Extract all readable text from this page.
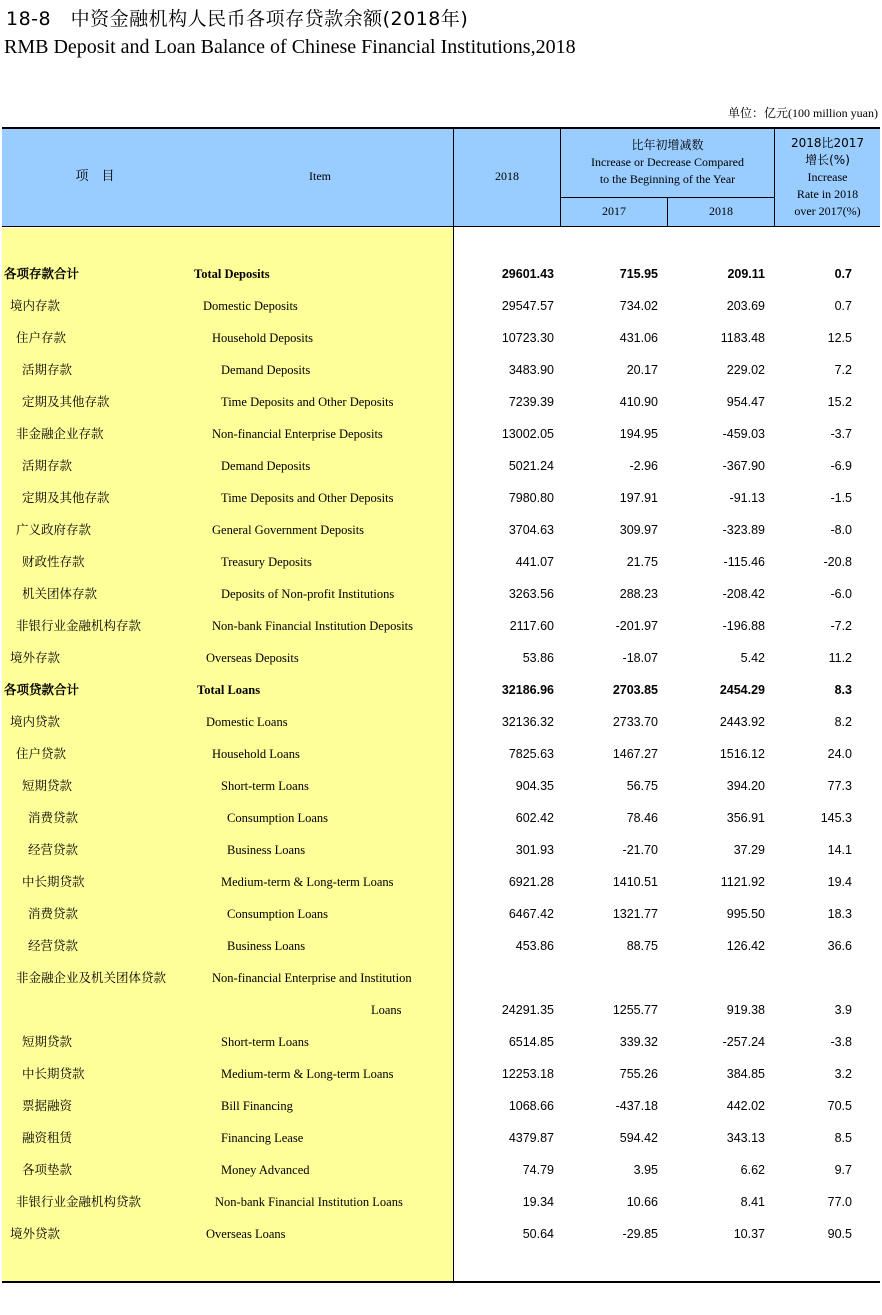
18-8　中资金融机构人民币各项存贷款余额(2018年)
RMB Deposit and Loan Balance of Chinese Financial Institutions,2018
单位：亿元(100 million yuan)
项　目	Item	2018
比年初增减数
Increase or Decrease Compared
to the Beginning of the Year
2017	2018
2018比2017
增长(%)
Increase
Rate in 2018
over 2017(%)
各项存款合计	Total Deposits	29601.43	715.95	209.11	0.7
境内存款	Domestic Deposits	29547.57	734.02	203.69	0.7
住户存款	Household Deposits	10723.30	431.06	1183.48	12.5
活期存款	Demand Deposits	3483.90	20.17	229.02	7.2
定期及其他存款	Time Deposits and Other Deposits	7239.39	410.90	954.47	15.2
非金融企业存款	Non-financial Enterprise Deposits	13002.05	194.95	-459.03	-3.7
活期存款	Demand Deposits	5021.24	-2.96	-367.90	-6.9
定期及其他存款	Time Deposits and Other Deposits	7980.80	197.91	-91.13	-1.5
广义政府存款	General Government Deposits	3704.63	309.97	-323.89	-8.0
财政性存款	Treasury Deposits	441.07	21.75	-115.46	-20.8
机关团体存款	Deposits of Non-profit Institutions	3263.56	288.23	-208.42	-6.0
非银行业金融机构存款	Non-bank Financial Institution Deposits	2117.60	-201.97	-196.88	-7.2
境外存款	Overseas Deposits	53.86	-18.07	5.42	11.2
各项贷款合计	Total Loans	32186.96	2703.85	2454.29	8.3
境内贷款	Domestic Loans	32136.32	2733.70	2443.92	8.2
住户贷款	Household Loans	7825.63	1467.27	1516.12	24.0
短期贷款	Short-term Loans	904.35	56.75	394.20	77.3
消费贷款	Consumption Loans	602.42	78.46	356.91	145.3
经营贷款	Business Loans	301.93	-21.70	37.29	14.1
中长期贷款	Medium-term & Long-term Loans	6921.28	1410.51	1121.92	19.4
消费贷款	Consumption Loans	6467.42	1321.77	995.50	18.3
经营贷款	Business Loans	453.86	88.75	126.42	36.6
非金融企业及机关团体贷款	Non-financial Enterprise and Institution
Loans	24291.35	1255.77	919.38	3.9
短期贷款	Short-term Loans	6514.85	339.32	-257.24	-3.8
中长期贷款	Medium-term & Long-term Loans	12253.18	755.26	384.85	3.2
票据融资	Bill Financing	1068.66	-437.18	442.02	70.5
融资租赁	Financing Lease	4379.87	594.42	343.13	8.5
各项垫款	Money Advanced	74.79	3.95	6.62	9.7
非银行业金融机构贷款	Non-bank Financial Institution Loans	19.34	10.66	8.41	77.0
境外贷款	Overseas Loans	50.64	-29.85	10.37	90.5
